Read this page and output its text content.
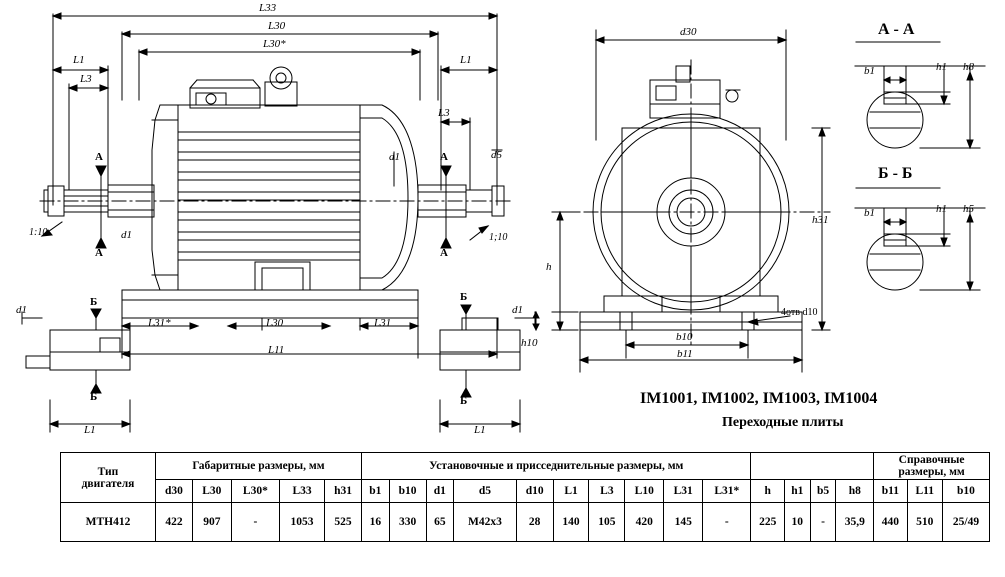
L33
L30
L30*
L1
L3
L1
L3
d1
d1
d5
L31*	L30	L31
L11
1:10	1;10
А
А
А
А
Б
Б
Б
Б
L1	L1
d1	d1
d30
h31
h
h10	b10
b11
4отв d10
b1	h1 h8
b1	h1 h5
А - А
Б - Б
IM1001, IM1002, IM1003, IM1004
Переходные плиты
Тип
двигателя
	Габаритные размеры, мм	Установочные и присседнительные размеры, мм		Справочные
размеры, мм

	d30	L30	L30*	L33	h31	b1	b10	d1	d5	d10	L1	L3	L10	L31	L31*	h	h1	b5	h8	b11	L11	b10
МТН412	422	907	-	1053	525	16	330	65	М42х3	28	140	105	420	145	-	225	10	-	35,9	440	510	25/49
